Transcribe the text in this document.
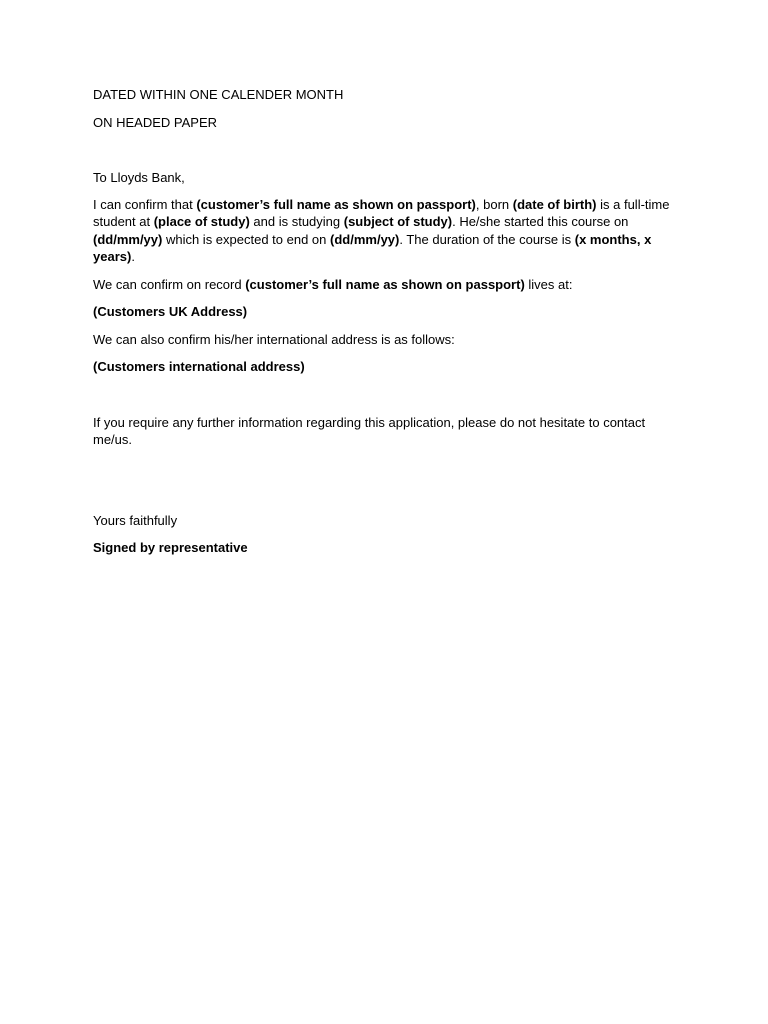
DATED WITHIN ONE CALENDER MONTH

ON HEADED PAPER

To Lloyds Bank,

I can confirm that (customer’s full name as shown on passport), born (date of birth) is a full-time student at (place of study) and is studying (subject of study). He/she started this course on (dd/mm/yy) which is expected to end on (dd/mm/yy). The duration of the course is (x months, x years).

We can confirm on record (customer’s full name as shown on passport) lives at:

(Customers UK Address)

We can also confirm his/her international address is as follows:

(Customers international address)

If you require any further information regarding this application, please do not hesitate to contact me/us.

Yours faithfully

Signed by representative
